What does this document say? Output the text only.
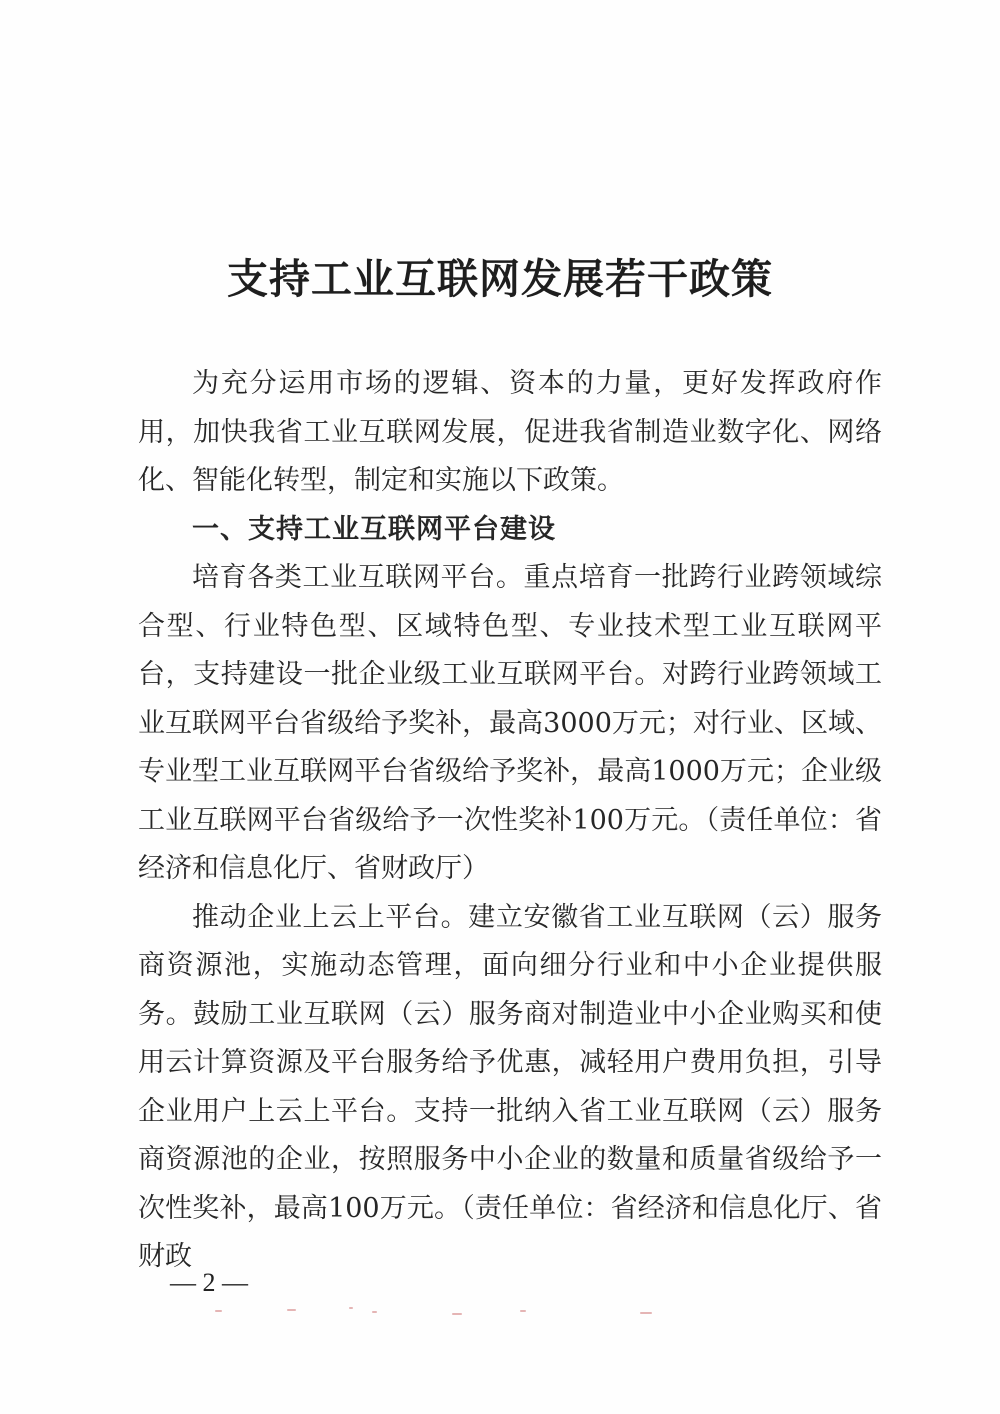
支持工业互联网发展若干政策

为充分运用市场的逻辑、资本的力量，更好发挥政府作用，加快我省工业互联网发展，促进我省制造业数字化、网络化、智能化转型，制定和实施以下政策。

一、支持工业互联网平台建设

培育各类工业互联网平台。重点培育一批跨行业跨领域综合型、行业特色型、区域特色型、专业技术型工业互联网平台，支持建设一批企业级工业互联网平台。对跨行业跨领域工业互联网平台省级给予奖补，最高3000万元；对行业、区域、专业型工业互联网平台省级给予奖补，最高1000万元；企业级工业互联网平台省级给予一次性奖补100万元。（责任单位：省经济和信息化厅、省财政厅）

推动企业上云上平台。建立安徽省工业互联网（云）服务商资源池，实施动态管理，面向细分行业和中小企业提供服务。鼓励工业互联网（云）服务商对制造业中小企业购买和使用云计算资源及平台服务给予优惠，减轻用户费用负担，引导企业用户上云上平台。支持一批纳入省工业互联网（云）服务商资源池的企业，按照服务中小企业的数量和质量省级给予一次性奖补，最高100万元。（责任单位：省经济和信息化厅、省财政

— 2 —
